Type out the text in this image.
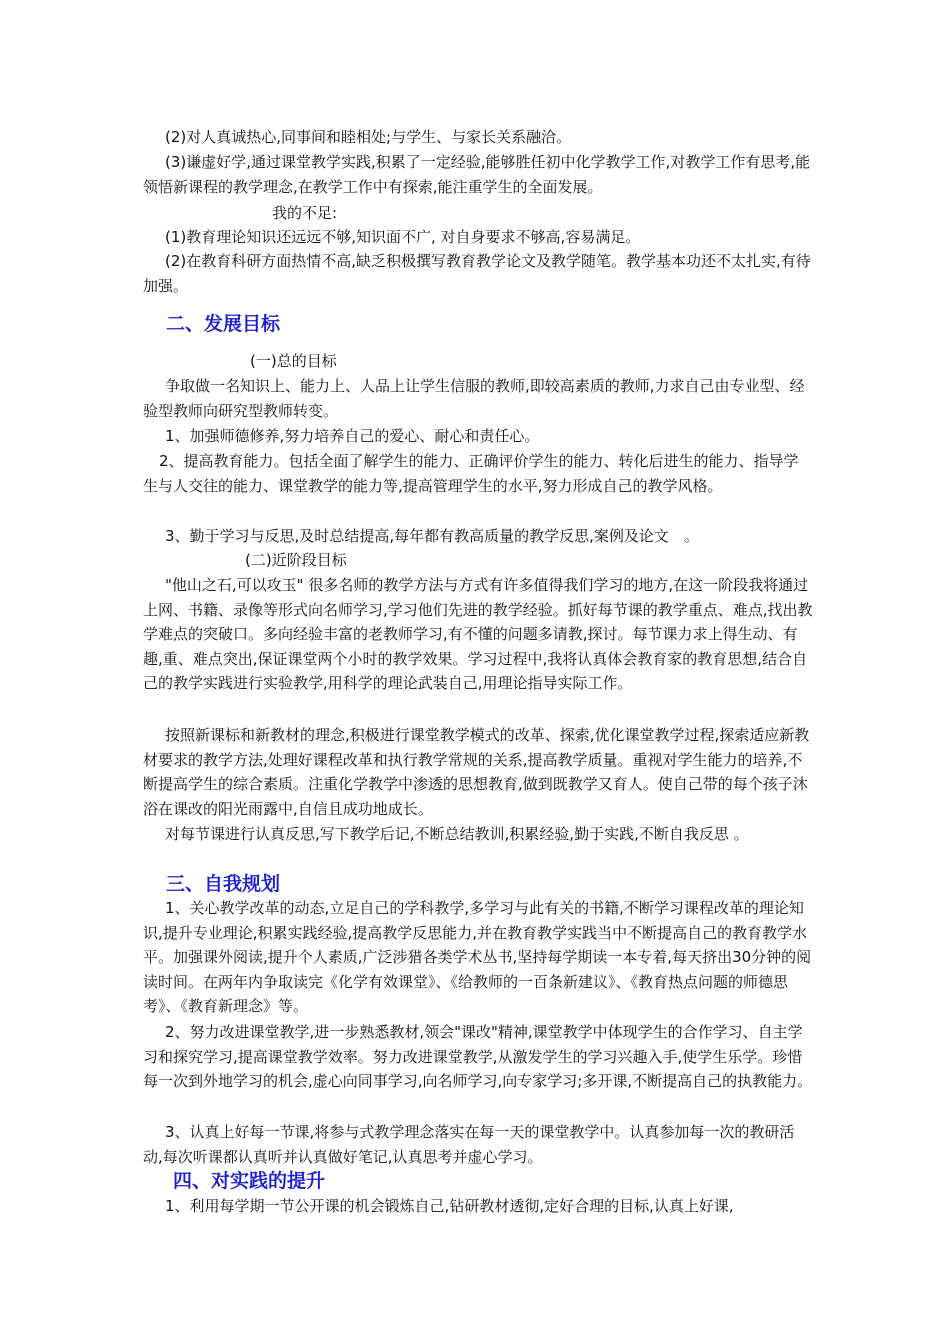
(2)对人真诚热心,同事间和睦相处;与学生、与家长关系融洽。

(3)谦虚好学,通过课堂教学实践,积累了一定经验,能够胜任初中化学教学工作,对教学工作有思考,能领悟新课程的教学理念,在教学工作中有探索,能注重学生的全面发展。

我的不足:

(1)教育理论知识还远远不够,知识面不广, 对自身要求不够高,容易满足。

(2)在教育科研方面热情不高,缺乏积极撰写教育教学论文及教学随笔。教学基本功还不太扎实,有待加强。

二、发展目标

(一)总的目标

争取做一名知识上、能力上、人品上让学生信服的教师,即较高素质的教师,力求自己由专业型、经验型教师向研究型教师转变。

1、加强师德修养,努力培养自己的爱心、耐心和责任心。

2、提高教育能力。包括全面了解学生的能力、正确评价学生的能力、转化后进生的能力、指导学生与人交往的能力、课堂教学的能力等,提高管理学生的水平,努力形成自己的教学风格。

3、勤于学习与反思,及时总结提高,每年都有教高质量的教学反思,案例及论文　。

(二)近阶段目标

"他山之石,可以攻玉" 很多名师的教学方法与方式有许多值得我们学习的地方,在这一阶段我将通过上网、书籍、录像等形式向名师学习,学习他们先进的教学经验。抓好每节课的教学重点、难点,找出教学难点的突破口。多向经验丰富的老教师学习,有不懂的问题多请教,探讨。每节课力求上得生动、有趣,重、难点突出,保证课堂两个小时的教学效果。学习过程中,我将认真体会教育家的教育思想,结合自己的教学实践进行实验教学,用科学的理论武装自己,用理论指导实际工作。

按照新课标和新教材的理念,积极进行课堂教学模式的改革、探索,优化课堂教学过程,探索适应新教材要求的教学方法,处理好课程改革和执行教学常规的关系,提高教学质量。重视对学生能力的培养,不断提高学生的综合素质。注重化学教学中渗透的思想教育,做到既教学又育人。使自己带的每个孩子沐浴在课改的阳光雨露中,自信且成功地成长。

对每节课进行认真反思,写下教学后记,不断总结教训,积累经验,勤于实践,不断自我反思 。

三、自我规划

1、关心教学改革的动态,立足自己的学科教学,多学习与此有关的书籍,不断学习课程改革的理论知识,提升专业理论,积累实践经验,提高教学反思能力,并在教育教学实践当中不断提高自己的教育教学水平。加强课外阅读,提升个人素质,广泛涉猎各类学术丛书,坚持每学期读一本专着,每天挤出30分钟的阅读时间。在两年内争取读完《化学有效课堂》、《给教师的一百条新建议》、《教育热点问题的师德思考》、《教育新理念》等。

2、努力改进课堂教学,进一步熟悉教材,领会"课改"精神,课堂教学中体现学生的合作学习、自主学习和探究学习,提高课堂教学效率。努力改进课堂教学,从激发学生的学习兴趣入手,使学生乐学。珍惜每一次到外地学习的机会,虚心向同事学习,向名师学习,向专家学习;多开课,不断提高自己的执教能力。

3、认真上好每一节课,将参与式教学理念落实在每一天的课堂教学中。认真参加每一次的教研活动,每次听课都认真听并认真做好笔记,认真思考并虚心学习。

四、对实践的提升

1、利用每学期一节公开课的机会锻炼自己,钻研教材透彻,定好合理的目标,认真上好课,
